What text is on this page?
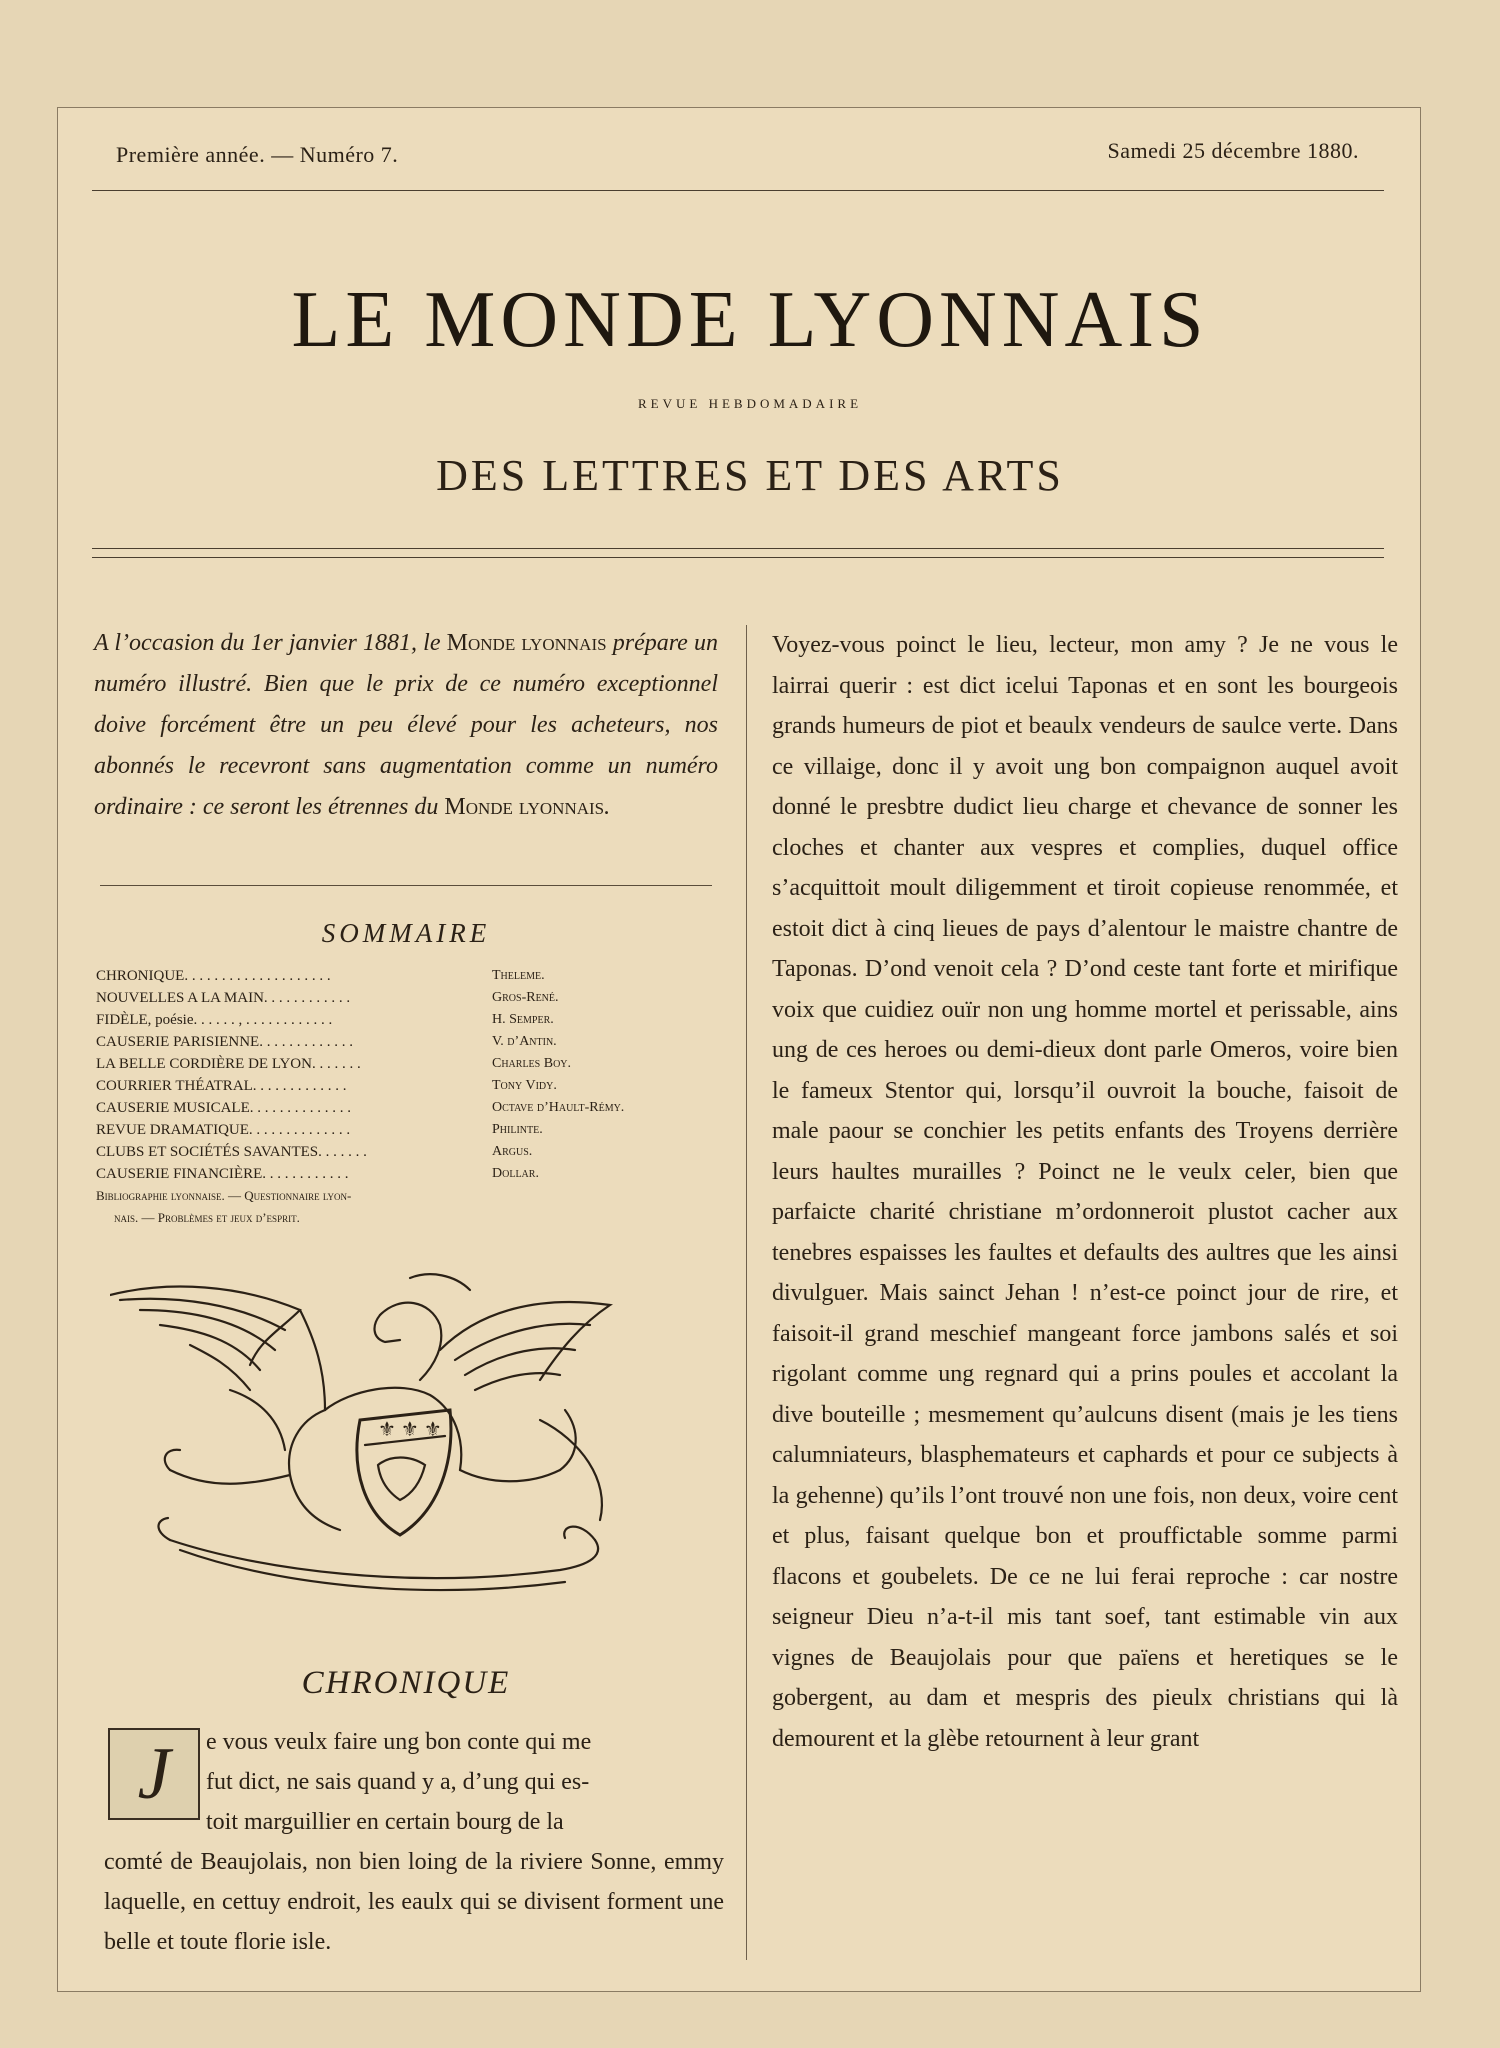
Première année. — Numéro 7.	Samedi 25 décembre 1880.
LE MONDE LYONNAIS
REVUE HEBDOMADAIRE
DES LETTRES ET DES ARTS
A l’occasion du 1er janvier 1881, le Monde lyonnais prépare un numéro illustré. Bien que le prix de ce numéro exceptionnel doive forcément être un peu élevé pour les acheteurs, nos abonnés le recevront sans augmentation comme un numéro ordinaire : ce seront les étrennes du Monde lyonnais.
SOMMAIRE
CHRONIQUE. . . . . . . . . . . . . . . . . . . .	Theleme.
NOUVELLES A LA MAIN. . . . . . . . . . . .	Gros-René.
FIDÈLE, poésie. . . . . . , . . . . . . . . . . . .	H. Semper.
CAUSERIE PARISIENNE. . . . . . . . . . . . .	V. d’Antin.
LA BELLE CORDIÈRE DE LYON. . . . . . .	Charles Boy.
COURRIER THÉATRAL. . . . . . . . . . . . .	Tony Vidy.
CAUSERIE MUSICALE. . . . . . . . . . . . . .	Octave d’Hault-Rémy.
REVUE DRAMATIQUE. . . . . . . . . . . . . .	Philinte.
CLUBS ET SOCIÉTÉS SAVANTES. . . . . . .	Argus.
CAUSERIE FINANCIÈRE. . . . . . . . . . . .	Dollar.
Bibliographie lyonnaise. — Questionnaire lyon-
nais. — Problèmes et jeux d’esprit.
⚜ ⚜ ⚜
CHRONIQUE
J	e vous veulx faire ung bon conte qui me
fut dict, ne sais quand y a, d’ung qui es-
toit marguillier en certain bourg de la
comté de Beaujolais, non bien loing de la riviere Sonne, emmy laquelle, en cettuy endroit, les eaulx qui se divisent forment une belle et toute florie isle.

Voyez-vous poinct le lieu, lecteur, mon amy ? Je ne vous le lairrai querir : est dict icelui Taponas et en sont les bourgeois grands humeurs de piot et beaulx vendeurs de saulce verte. Dans ce villaige, donc il y avoit ung bon compaignon auquel avoit donné le presbtre dudict lieu charge et chevance de sonner les cloches et chanter aux vespres et complies, duquel office s’acquittoit moult diligemment et tiroit copieuse renommée, et estoit dict à cinq lieues de pays d’alentour le maistre chantre de Taponas. D’ond venoit cela ? D’ond ceste tant forte et mirifique voix que cuidiez ouïr non ung homme mortel et perissable, ains ung de ces heroes ou demi-dieux dont parle Omeros, voire bien le fameux Stentor qui, lorsqu’il ouvroit la bouche, faisoit de male paour se conchier les petits enfants des Troyens derrière leurs haultes murailles ? Poinct ne le veulx celer, bien que parfaicte charité christiane m’ordonneroit plustot cacher aux tenebres espaisses les faultes et defaults des aultres que les ainsi divulguer. Mais sainct Jehan ! n’est-ce poinct jour de rire, et faisoit-il grand meschief mangeant force jambons salés et soi rigolant comme ung regnard qui a prins poules et accolant la dive bouteille ; mesmement qu’aulcuns disent (mais je les tiens calumniateurs, blasphemateurs et caphards et pour ce subjects à la gehenne) qu’ils l’ont trouvé non une fois, non deux, voire cent et plus, faisant quelque bon et prouffictable somme parmi flacons et goubelets. De ce ne lui ferai reproche : car nostre seigneur Dieu n’a-t-il mis tant soef, tant estimable vin aux vignes de Beaujolais pour que païens et heretiques se le gobergent, au dam et mespris des pieulx christians qui là demourent et la glèbe retournent à leur grant
